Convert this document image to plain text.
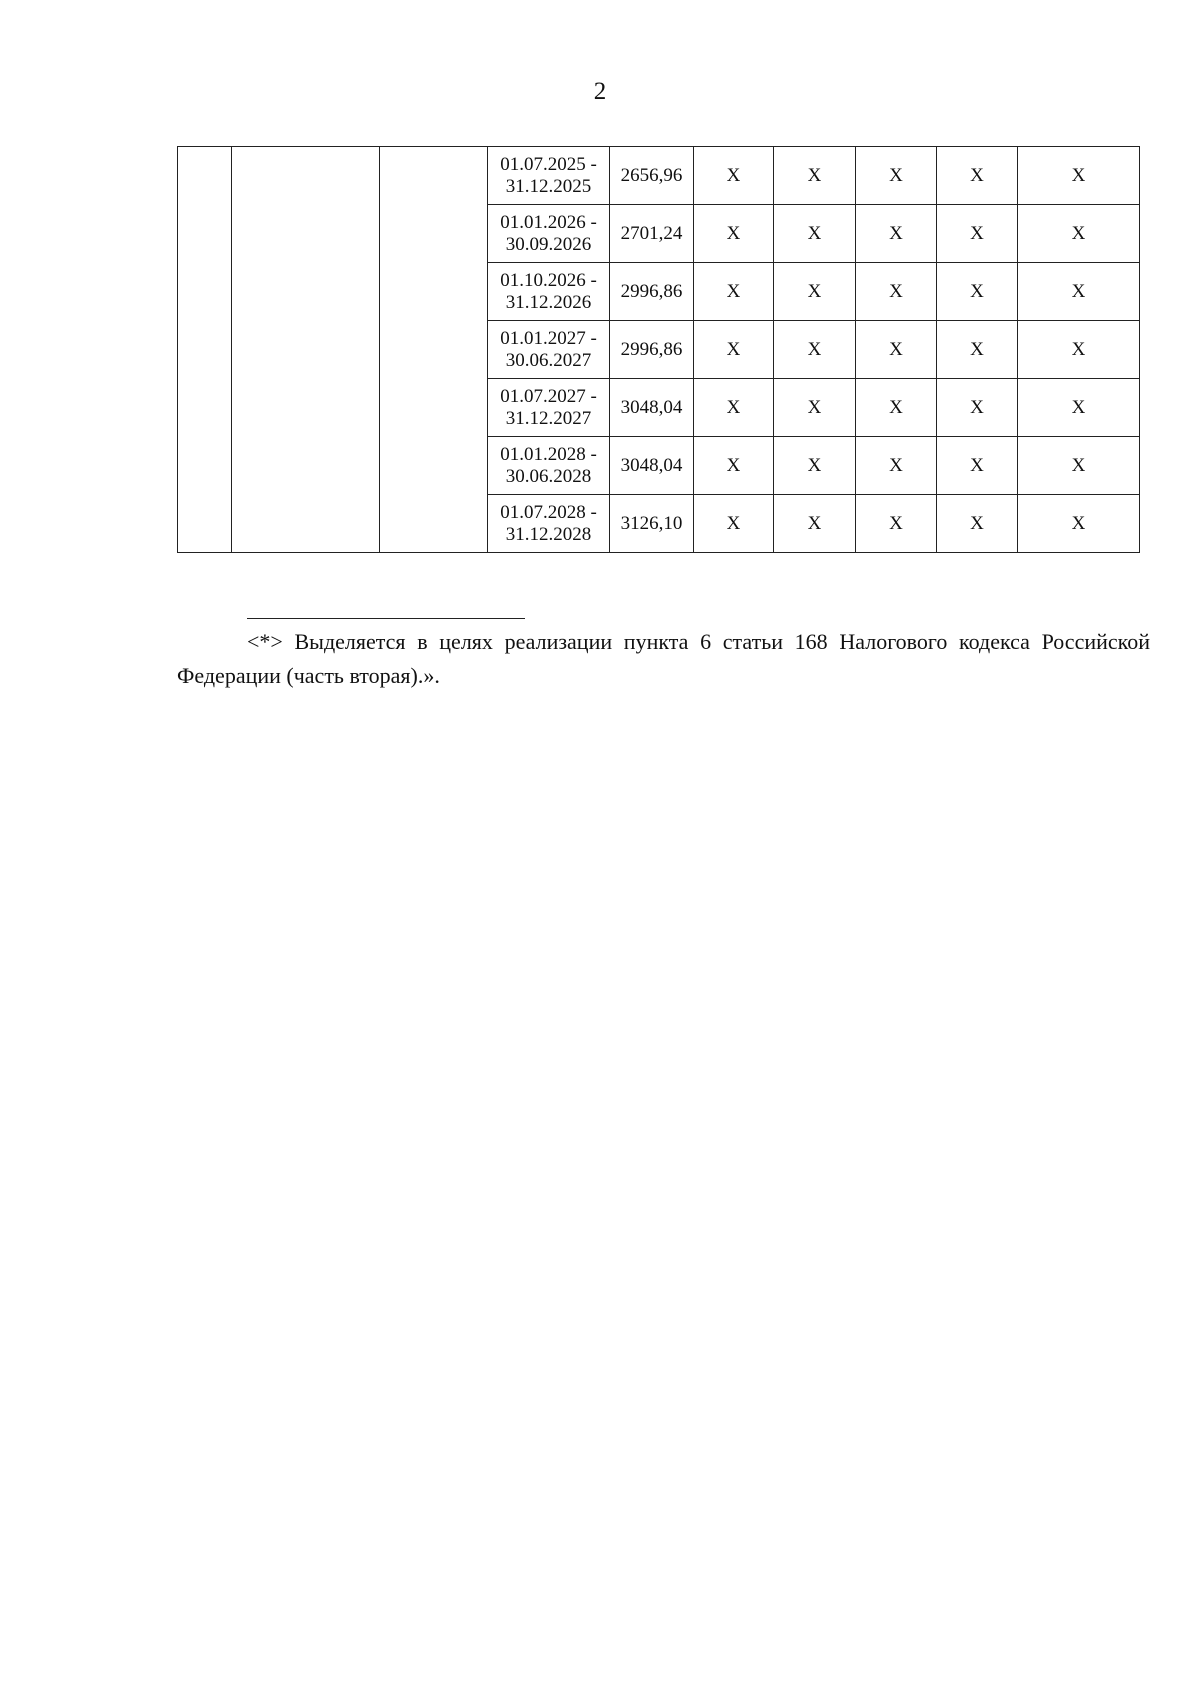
2

			01.07.2025 -
31.12.2025	2656,96	X	X	X	X	X

			01.01.2026 -
30.09.2026	2701,24	X	X	X	X	X

			01.10.2026 -
31.12.2026	2996,86	X	X	X	X	X

			01.01.2027 -
30.06.2027	2996,86	X	X	X	X	X

			01.07.2027 -
31.12.2027	3048,04	X	X	X	X	X

			01.01.2028 -
30.06.2028	3048,04	X	X	X	X	X

			01.07.2028 -
31.12.2028	3126,10	X	X	X	X	X
<*> Выделяется в целях реализации пункта 6 статьи 168 Налогового кодекса Российской Федерации (часть вторая).».
